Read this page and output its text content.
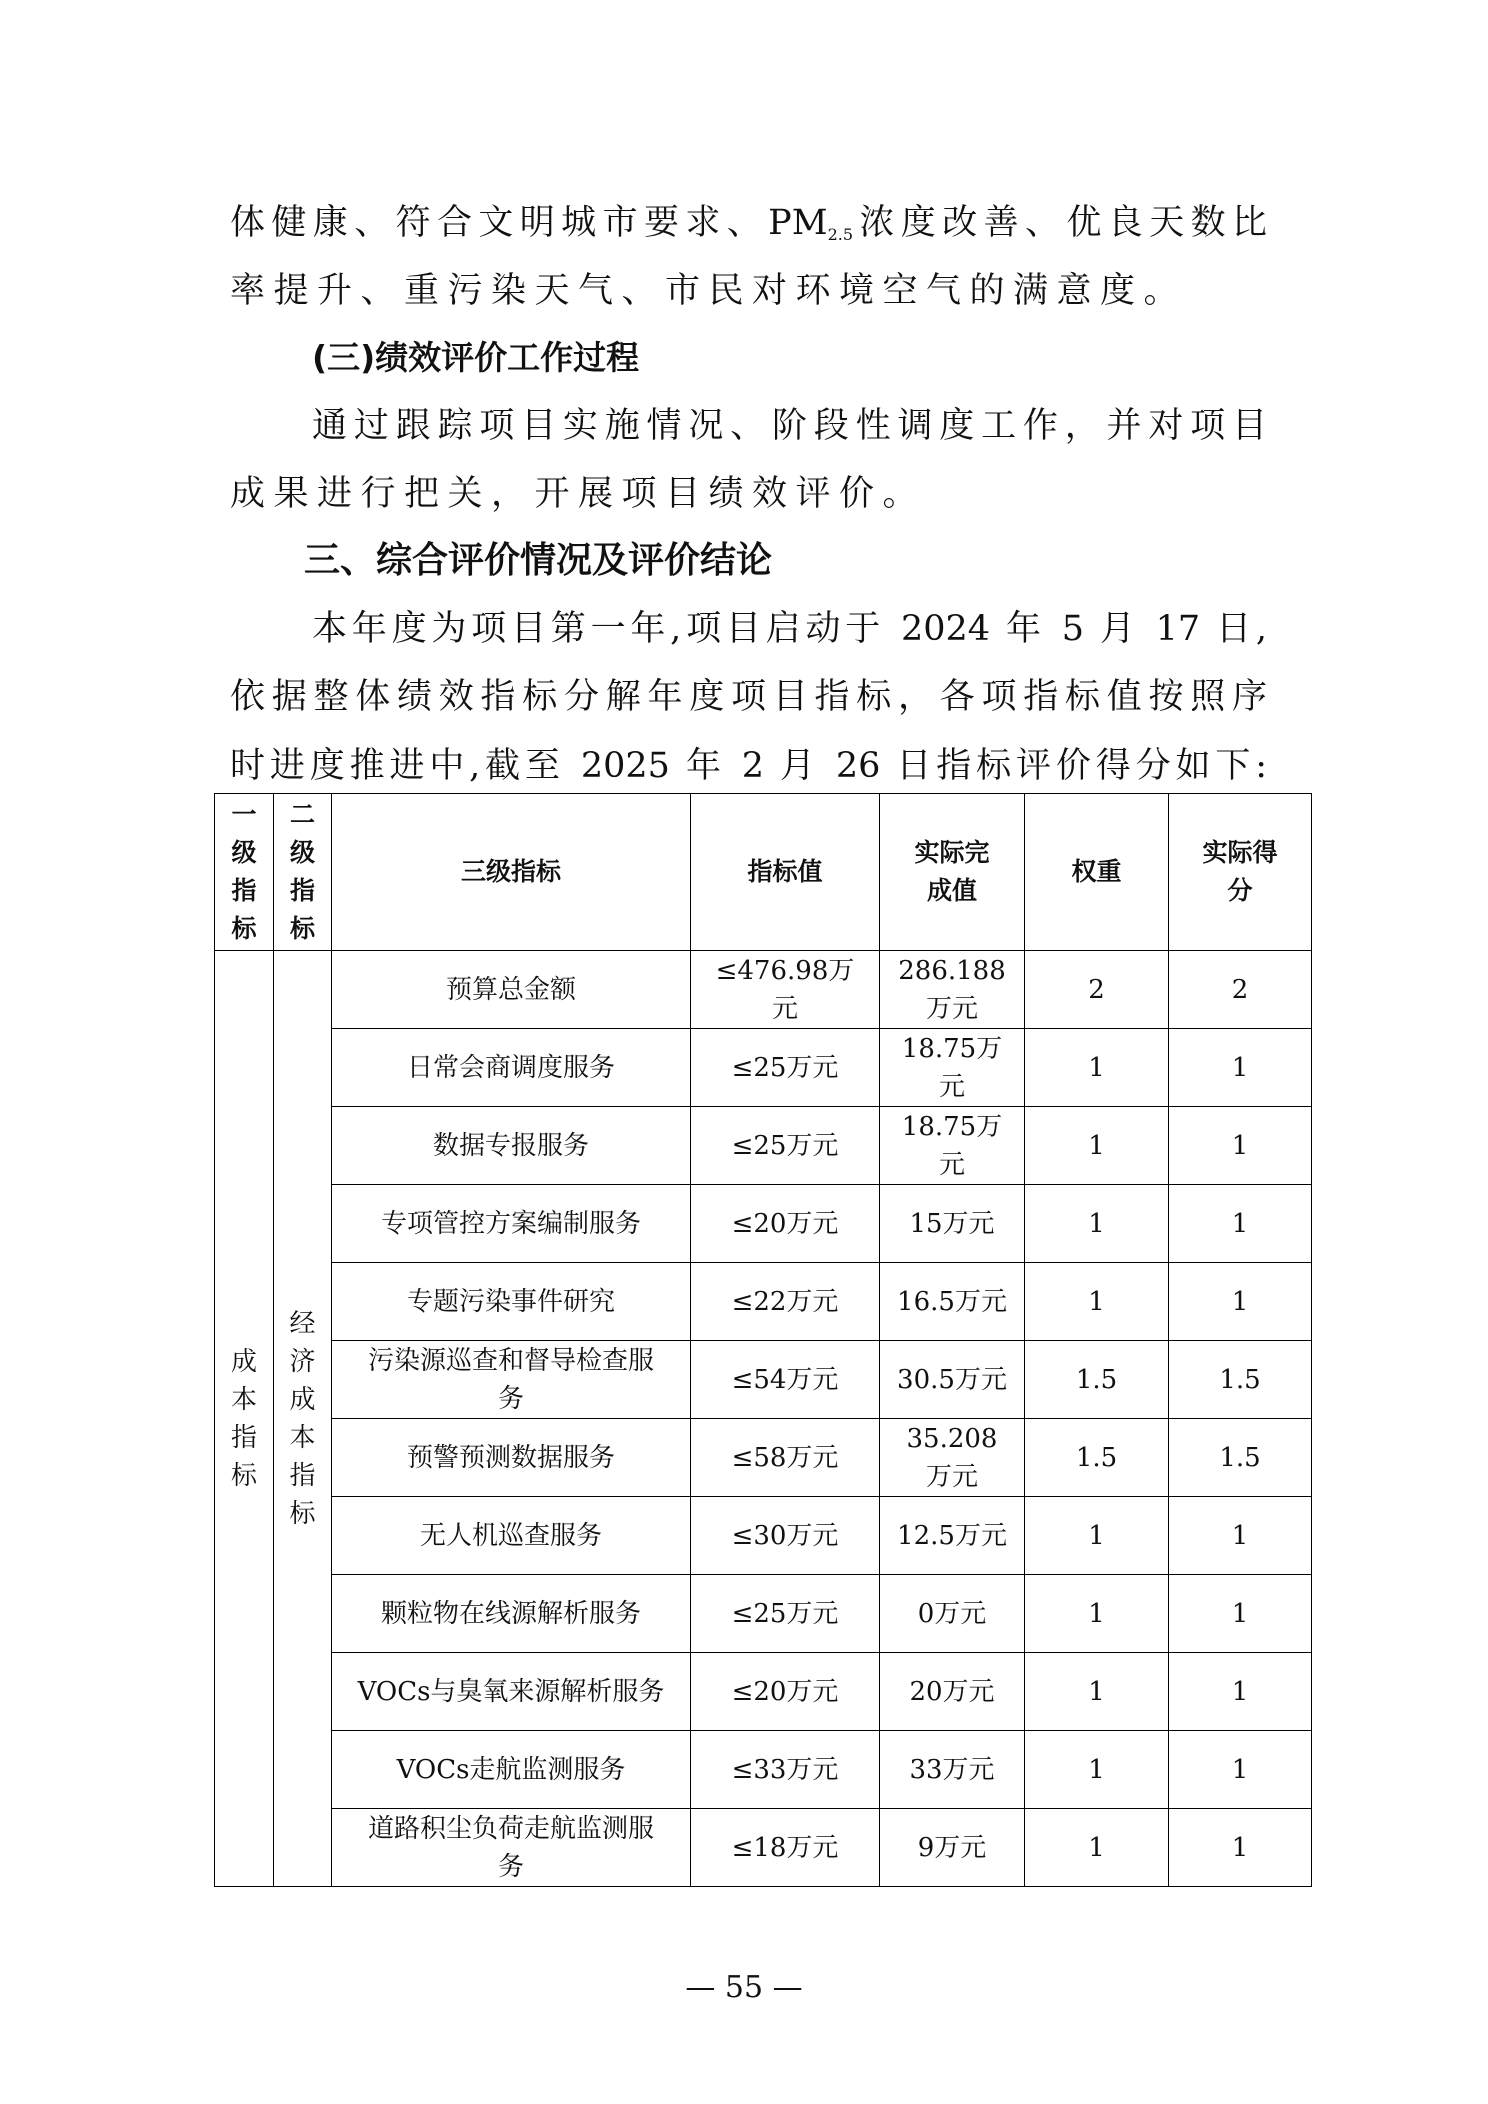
体健康、符合文明城市要求、$PM_{2.5}$浓度改善、优良天数比
率提升、重污染天气、市民对环境空气的满意度。
(三)绩效评价工作过程
通过跟踪项目实施情况、阶段性调度工作，并对项目
成果进行把关，开展项目绩效评价。
三、综合评价情况及评价结论
本年度为项目第一年,项目启动于 2024 年 5 月 17 日,
依据整体绩效指标分解年度项目指标，各项指标值按照序
时进度推进中,截至 2025 年 2 月 26 日指标评价得分如下:
一级指标	二级指标	三级指标	指标值	实际完成值	权重	实际得分

成本指标	经济成本指标	预算总金额	≤476.98万元	286.188万元	2	2
		日常会商调度服务	≤25万元	18.75万元	1	1
		数据专报服务	≤25万元	18.75万元	1	1
		专项管控方案编制服务	≤20万元	15万元	1	1
		专题污染事件研究	≤22万元	16.5万元	1	1
		污染源巡查和督导检查服务	≤54万元	30.5万元	1.5	1.5
		预警预测数据服务	≤58万元	35.208万元	1.5	1.5
		无人机巡查服务	≤30万元	12.5万元	1	1
		颗粒物在线源解析服务	≤25万元	0万元	1	1
		VOCs与臭氧来源解析服务	≤20万元	20万元	1	1
		VOCs走航监测服务	≤33万元	33万元	1	1
		道路积尘负荷走航监测服务	≤18万元	9万元	1	1
— 55 —
